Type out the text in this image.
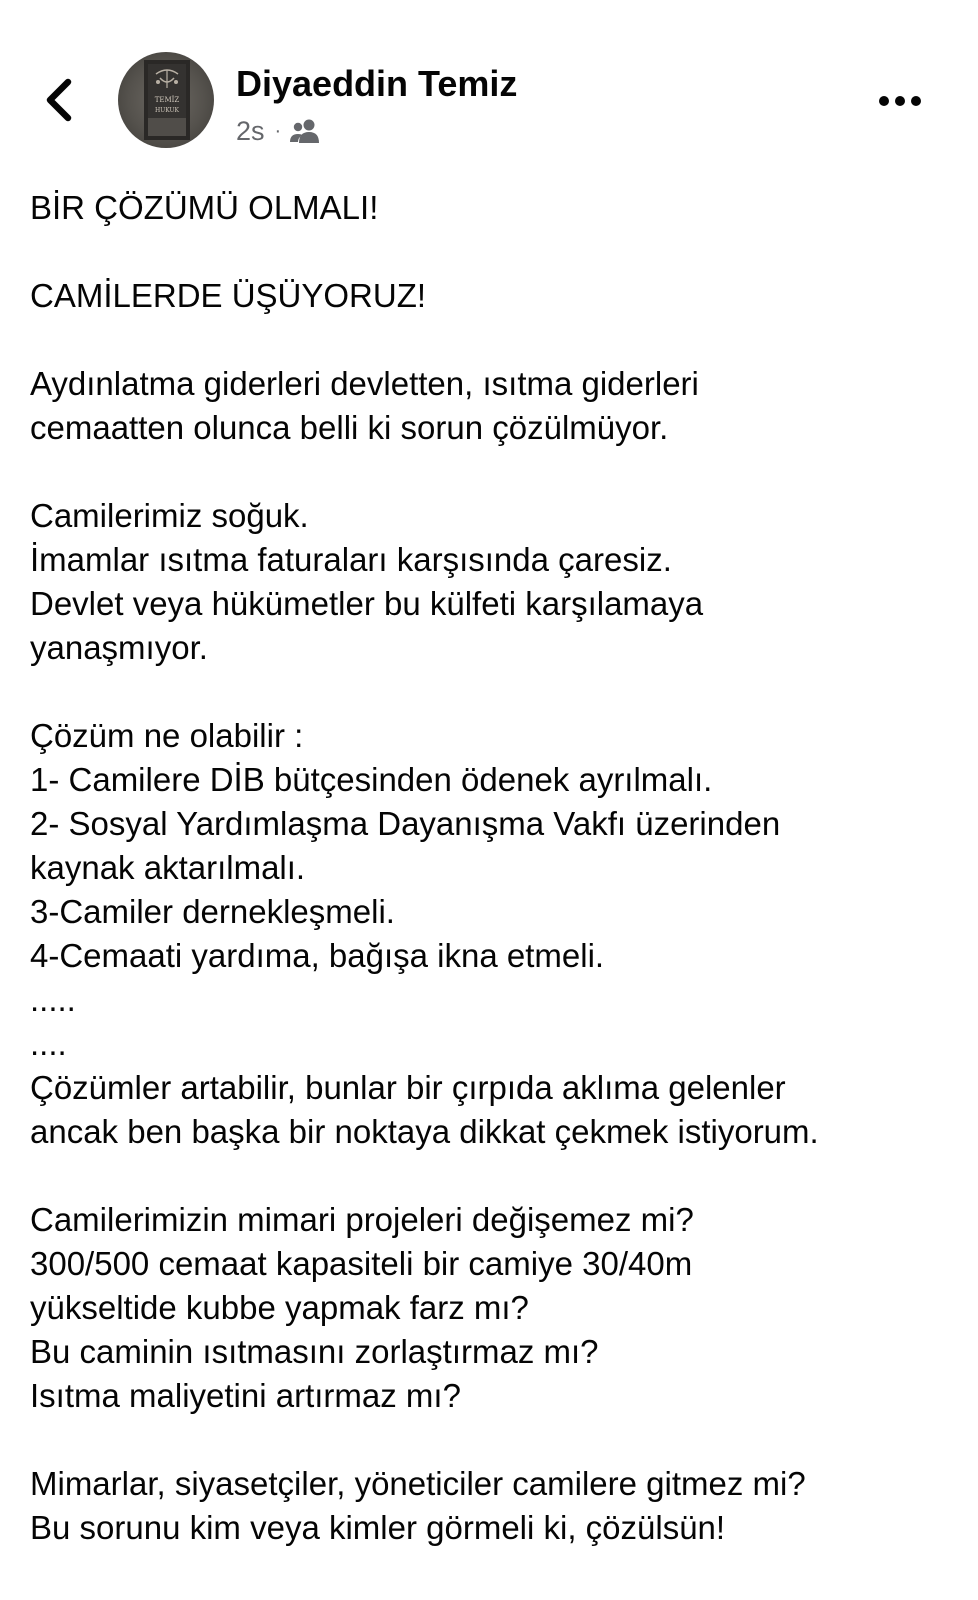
TEMİZ
HUKUK
Diyaeddin Temiz
2s ·
BİR ÇÖZÜMÜ OLMALI!
CAMİLERDE ÜŞÜYORUZ!
Aydınlatma giderleri devletten, ısıtma giderleri
cemaatten olunca belli ki sorun çözülmüyor.
Camilerimiz soğuk.
İmamlar ısıtma faturaları karşısında çaresiz.
Devlet veya hükümetler bu külfeti karşılamaya
yanaşmıyor.
Çözüm ne olabilir :
1- Camilere DİB bütçesinden ödenek ayrılmalı.
2- Sosyal Yardımlaşma Dayanışma Vakfı üzerinden
kaynak aktarılmalı.
3-Camiler dernekleşmeli.
4-Cemaati yardıma, bağışa ikna etmeli.
.....
....
Çözümler artabilir, bunlar bir çırpıda aklıma gelenler
ancak ben başka bir noktaya dikkat çekmek istiyorum.
Camilerimizin mimari projeleri değişemez mi?
300/500 cemaat kapasiteli bir camiye 30/40m
yükseltide kubbe yapmak farz mı?
Bu caminin ısıtmasını zorlaştırmaz mı?
Isıtma maliyetini artırmaz mı?
Mimarlar, siyasetçiler, yöneticiler camilere gitmez mi?
Bu sorunu kim veya kimler görmeli ki, çözülsün!
